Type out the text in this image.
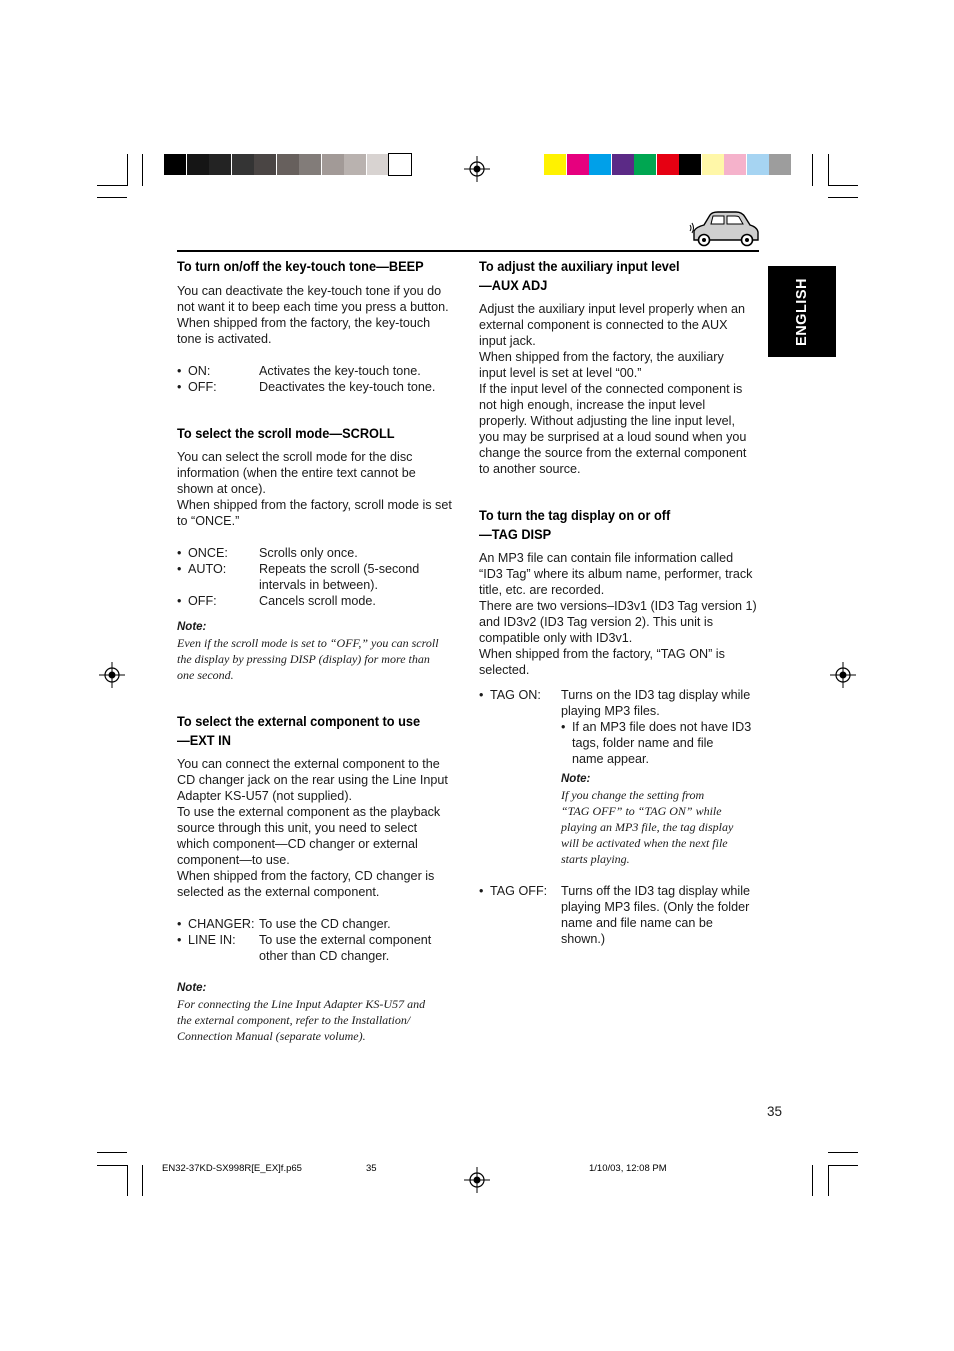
ENGLISH
To turn on/off the key-touch tone—BEEP

You can deactivate the key-touch tone if you do
not want it to beep each time you press a button.
When shipped from the factory, the key-touch
tone is activated.

• ON:	Activates the key-touch tone.
• OFF:	Deactivates the key-touch tone.
To select the scroll mode—SCROLL

You can select the scroll mode for the disc
information (when the entire text cannot be
shown at once).
When shipped from the factory, scroll mode is set
to “ONCE.”

• ONCE:	Scrolls only once.
• AUTO:	Repeats the scroll (5-second
intervals in between).
• OFF:	Cancels scroll mode.
Note:
Even if the scroll mode is set to “OFF,” you can scroll
the display by pressing DISP (display) for more than
one second.
To select the external component to use
—EXT IN

You can connect the external component to the
CD changer jack on the rear using the Line Input
Adapter KS-U57 (not supplied).
To use the external component as the playback
source through this unit, you need to select
which component—CD changer or external
component—to use.
When shipped from the factory, CD changer is
selected as the external component.

• CHANGER: To use the CD changer.
• LINE IN:	To use the external component
other than CD changer.
Note:
For connecting the Line Input Adapter KS-U57 and
the external component, refer to the Installation/
Connection Manual (separate volume).
To adjust the auxiliary input level
—AUX ADJ

Adjust the auxiliary input level properly when an
external component is connected to the AUX
input jack.
When shipped from the factory, the auxiliary
input level is set at level “00.”
If the input level of the connected component is
not high enough, increase the input level
properly. Without adjusting the line input level,
you may be surprised at a loud sound when you
change the source from the external component
to another source.

To turn the tag display on or off
—TAG DISP

An MP3 file can contain file information called
“ID3 Tag” where its album name, performer, track
title, etc. are recorded.
There are two versions–ID3v1 (ID3 Tag version 1)
and ID3v2 (ID3 Tag version 2). This unit is
compatible only with ID3v1.
When shipped from the factory, “TAG ON” is
selected.

• TAG ON:	Turns on the ID3 tag display while
playing MP3 files.
• If an MP3 file does not have ID3
tags, folder name and file
name appear.
Note:
If you change the setting from
“TAG OFF” to “TAG ON” while
playing an MP3 file, the tag display
will be activated when the next file
starts playing.
• TAG OFF:	Turns off the ID3 tag display while
playing MP3 files. (Only the folder
name and file name can be
shown.)
35
EN32-37KD-SX998R[E_EX]f.p65	35	1/10/03, 12:08 PM
